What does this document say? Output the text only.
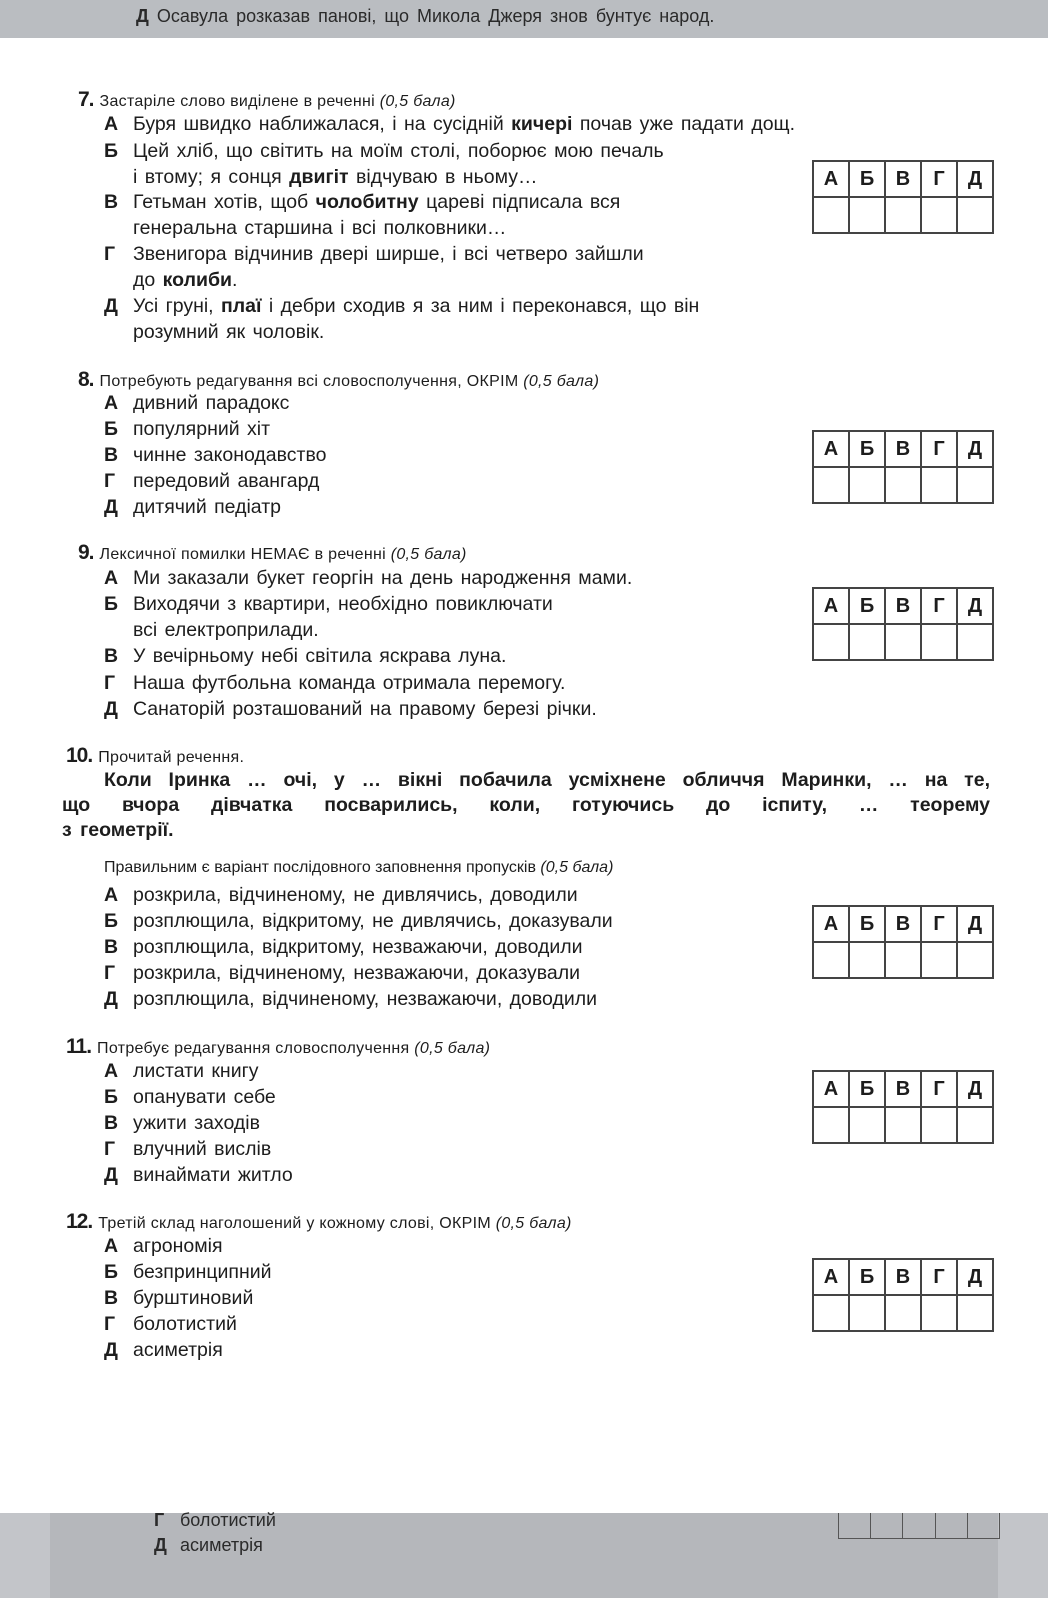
Д Осавула розказав панові, що Микола Джеря знов бунтує народ.
7. Застаріле слово виділене в реченні (0,5 бала)
А Буря швидко наближалася, і на сусідній кичері почав уже падати дощ.
Б Цей хліб, що світить на моїм столі, поборює мою печаль
і втому; я сонця двигіт відчуваю в ньому…
В Гетьман хотів, щоб чолобитну цареві підписала вся
генеральна старшина і всі полковники…
Г Звенигора відчинив двері ширше, і всі четверо зайшли
до колиби.
Д Усі груні, плаї і дебри сходив я за ним і переконався, що він
розумний як чоловік.
А	Б	В	Г	Д
8. Потребують редагування всі словосполучення, ОКРІМ (0,5 бала)
А дивний парадокс
Б популярний хіт
В чинне законодавство
Г передовий авангард
Д дитячий педіатр
А	Б	В	Г	Д
9. Лексичної помилки НЕМАЄ в реченні (0,5 бала)
А Ми заказали букет георгін на день народження мами.
Б Виходячи з квартири, необхідно повиключати
всі електроприлади.
В У вечірньому небі світила яскрава луна.
Г Наша футбольна команда отримала перемогу.
Д Санаторій розташований на правому березі річки.
А	Б	В	Г	Д
10. Прочитай речення.
Коли Іринка … очі, у … вікні побачила усміхнене обличчя Маринки, … на те,
що вчора дівчатка посварились, коли, готуючись до іспиту, … теорему
з геометрії.
Правильним є варіант послідовного заповнення пропусків (0,5 бала)
А розкрила, відчиненому, не дивлячись, доводили
Б розплющила, відкритому, не дивлячись, доказували
В розплющила, відкритому, незважаючи, доводили
Г розкрила, відчиненому, незважаючи, доказували
Д розплющила, відчиненому, незважаючи, доводили
А	Б	В	Г	Д
11. Потребує редагування словосполучення (0,5 бала)
А листати книгу
Б опанувати себе
В ужити заходів
Г влучний вислів
Д винаймати житло
А	Б	В	Г	Д
12. Третій склад наголошений у кожному слові, ОКРІМ (0,5 бала)
А агрономія
Б безпринципний
В бурштиновий
Г болотистий
Д асиметрія
А	Б	В	Г	Д
Г болотистий
Д асиметрія
